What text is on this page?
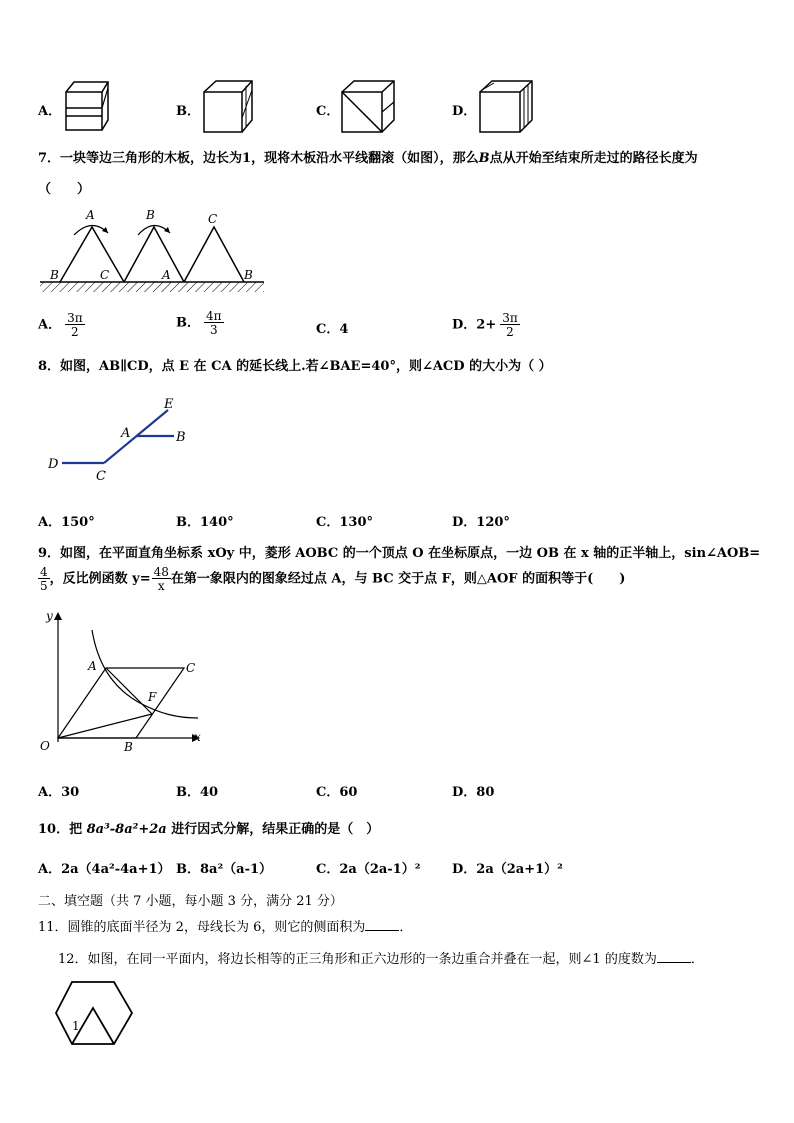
A．	B．	C．	D．
7．一块等边三角形的木板，边长为1，现将木板沿水平线翻滚（如图），那么B点从开始至结束所走过的路径长度为
（　　）
A	B	C
B	C	A	B
A． $\frac{3\pi}{2}$	B． $\frac{4\pi}{3}$	C．4	D．$2+ \frac{3\pi}{2}$
8．如图，AB∥CD，点 E 在 CA 的延长线上.若∠BAE=40°，则∠ACD 的大小为（ ）
E
A	B
D
C
A．150°	B．140°	C．130°	D．120°
9．如图，在平面直角坐标系 xOy 中，菱形 AOBC 的一个顶点 O 在坐标原点，一边 OB 在 x 轴的正半轴上，sin∠AOB=
$\frac{4}{5}$ ，反比例函数 $y= \frac{48}{x}$ 在第一象限内的图象经过点 A，与 BC 交于点 F，则△AOF 的面积等于(　　)
y
x
O
A	C
F
B
A．30	B．40	C．60	D．80
10．把 8a³-8a²+2a 进行因式分解，结果正确的是（　）
A．2a（4a²-4a+1） B．8a²（a-1）	C．2a（2a-1）² D．2a（2a+1）²
二、填空题（共 7 小题，每小题 3 分，满分 21 分）
11．圆锥的底面半径为 2，母线长为 6，则它的侧面积为	．
12．如图，在同一平面内，将边长相等的正三角形和正六边形的一条边重合并叠在一起，则∠1 的度数为	．
1
